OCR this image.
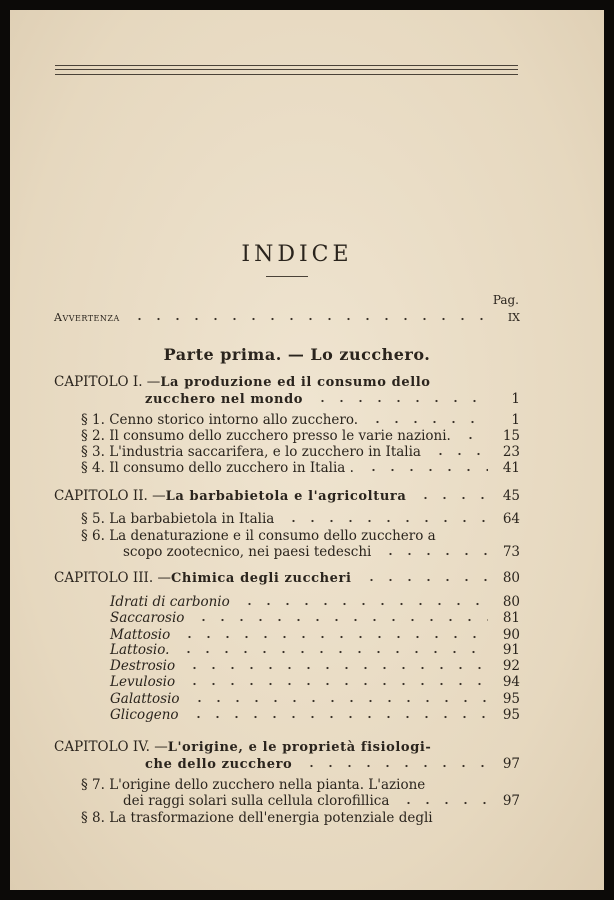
INDICE
Pag.
Parte prima. — Lo zucchero.
Avvertenza	IX
CAPITOLO I. — La produzione ed il consumo dello
zucchero nel mondo	1
§ 1. Cenno storico intorno allo zucchero.	1
§ 2. Il consumo dello zucchero presso le varie nazioni.	15
§ 3. L'industria saccarifera, e lo zucchero in Italia	23
§ 4. Il consumo dello zucchero in Italia .	41
CAPITOLO II. — La barbabietola e l'agricoltura	45
§ 5. La barbabietola in Italia	64
§ 6. La denaturazione e il consumo dello zucchero a
scopo zootecnico, nei paesi tedeschi	73
CAPITOLO III. — Chimica degli zuccheri	80
Idrati di carbonio	80
Saccarosio	81
Mattosio	90
Lattosio.	91
Destrosio	92
Levulosio	94
Galattosio	95
Glicogeno	95
CAPITOLO IV. — L'origine, e le proprietà fisiologi-
che dello zucchero	97
§ 7. L'origine dello zucchero nella pianta. L'azione
dei raggi solari sulla cellula clorofillica	97
§ 8. La trasformazione dell'energia potenziale degli
